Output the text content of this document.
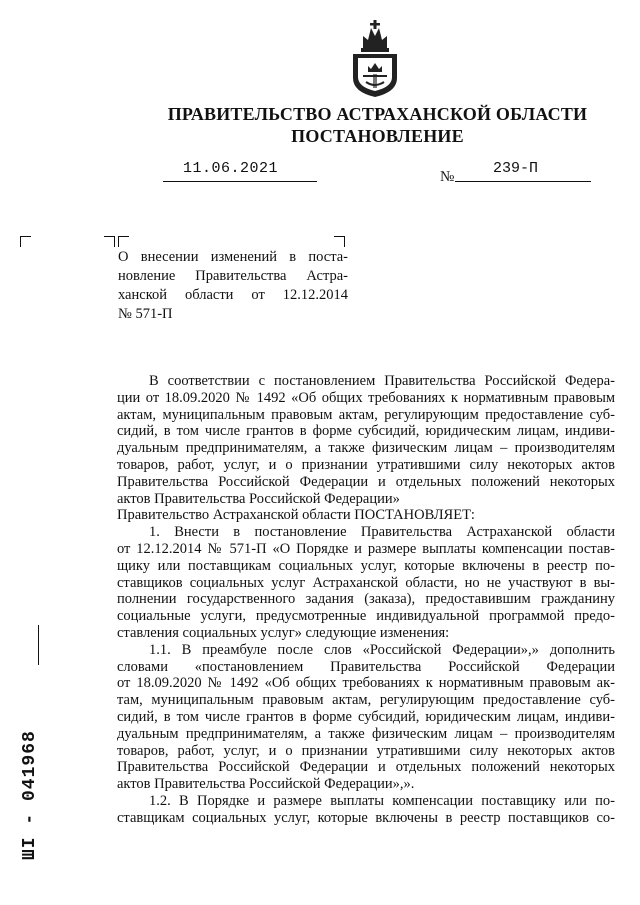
ПРАВИТЕЛЬСТВО АСТРАХАНСКОЙ ОБЛАСТИ
ПОСТАНОВЛЕНИЕ
11.06.2021	№	239-П
О внесении изменений в поста-
новление Правительства Астра-
ханской области от 12.12.2014
№ 571-П
В соответствии с постановлением Правительства Российской Федера-
ции от 18.09.2020 № 1492 «Об общих требованиях к нормативным правовым
актам, муниципальным правовым актам, регулирующим предоставление суб-
сидий, в том числе грантов в форме субсидий, юридическим лицам, индиви-
дуальным предпринимателям, а также физическим лицам – производителям
товаров, работ, услуг, и о признании утратившими силу некоторых актов
Правительства Российской Федерации и отдельных положений некоторых
актов Правительства Российской Федерации»
Правительство Астраханской области ПОСТАНОВЛЯЕТ:
1. Внести в постановление Правительства Астраханской области
от 12.12.2014 № 571-П «О Порядке и размере выплаты компенсации постав-
щику или поставщикам социальных услуг, которые включены в реестр по-
ставщиков социальных услуг Астраханской области, но не участвуют в вы-
полнении государственного задания (заказа), предоставившим гражданину
социальные услуги, предусмотренные индивидуальной программой предо-
ставления социальных услуг» следующие изменения:
1.1. В преамбуле после слов «Российской Федерации»,» дополнить
словами «постановлением Правительства Российской Федерации
от 18.09.2020 № 1492 «Об общих требованиях к нормативным правовым ак-
там, муниципальным правовым актам, регулирующим предоставление суб-
сидий, в том числе грантов в форме субсидий, юридическим лицам, индиви-
дуальным предпринимателям, а также физическим лицам – производителям
товаров, работ, услуг, и о признании утратившими силу некоторых актов
Правительства Российской Федерации и отдельных положений некоторых
актов Правительства Российской Федерации»,».
1.2. В Порядке и размере выплаты компенсации поставщику или по-
ставщикам социальных услуг, которые включены в реестр поставщиков со-
ШI - 041968
